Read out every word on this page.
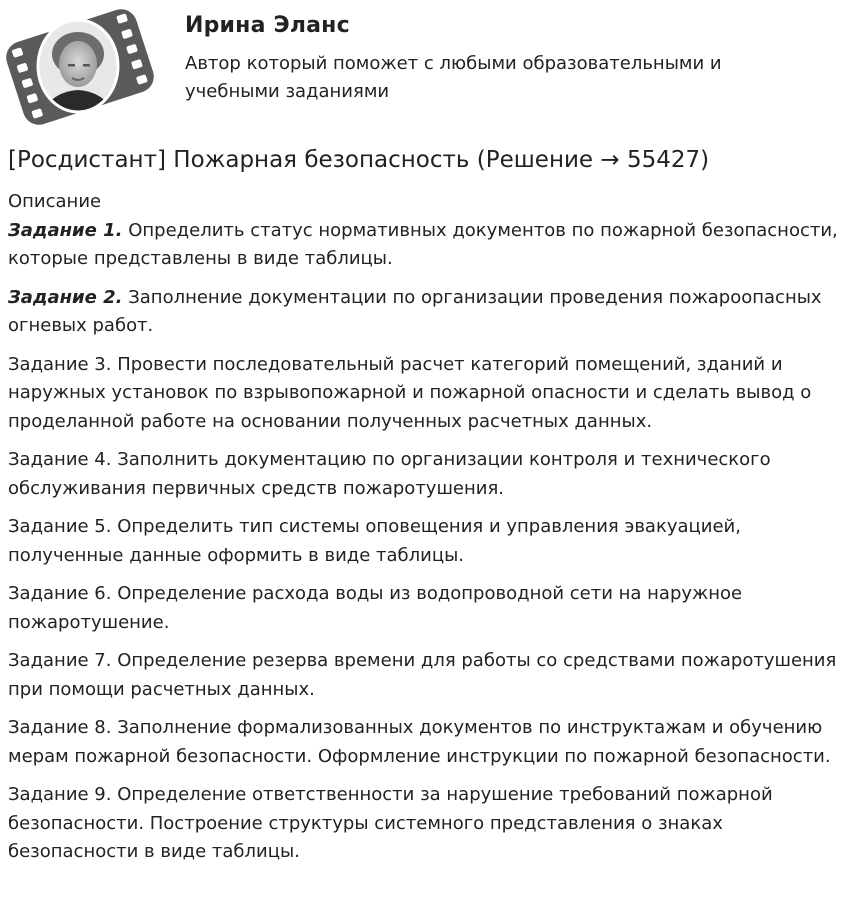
Ирина Эланс
Автор который поможет с любыми образовательными и учебными заданиями
[Росдистант] Пожарная безопасность (Решение → 55427)

Описание

Задание 1. Определить статус нормативных документов по пожарной безопасности, которые представлены в виде таблицы.

Задание 2. Заполнение документации по организации проведения пожароопасных огневых работ.

Задание 3. Провести последовательный расчет категорий помещений, зданий и наружных установок по взрывопожарной и пожарной опасности и сделать вывод о проделанной работе на основании полученных расчетных данных.

Задание 4. Заполнить документацию по организации контроля и технического обслуживания первичных средств пожаротушения.

Задание 5. Определить тип системы оповещения и управления эвакуацией, полученные данные оформить в виде таблицы.

Задание 6. Определение расхода воды из водопроводной сети на наружное пожаротушение.

Задание 7. Определение резерва времени для работы со средствами пожаротушения при помощи расчетных данных.

Задание 8. Заполнение формализованных документов по инструктажам и обучению мерам пожарной безопасности. Оформление инструкции по пожарной безопасности.

Задание 9. Определение ответственности за нарушение требований пожарной безопасности. Построение структуры системного представления о знаках безопасности в виде таблицы.
